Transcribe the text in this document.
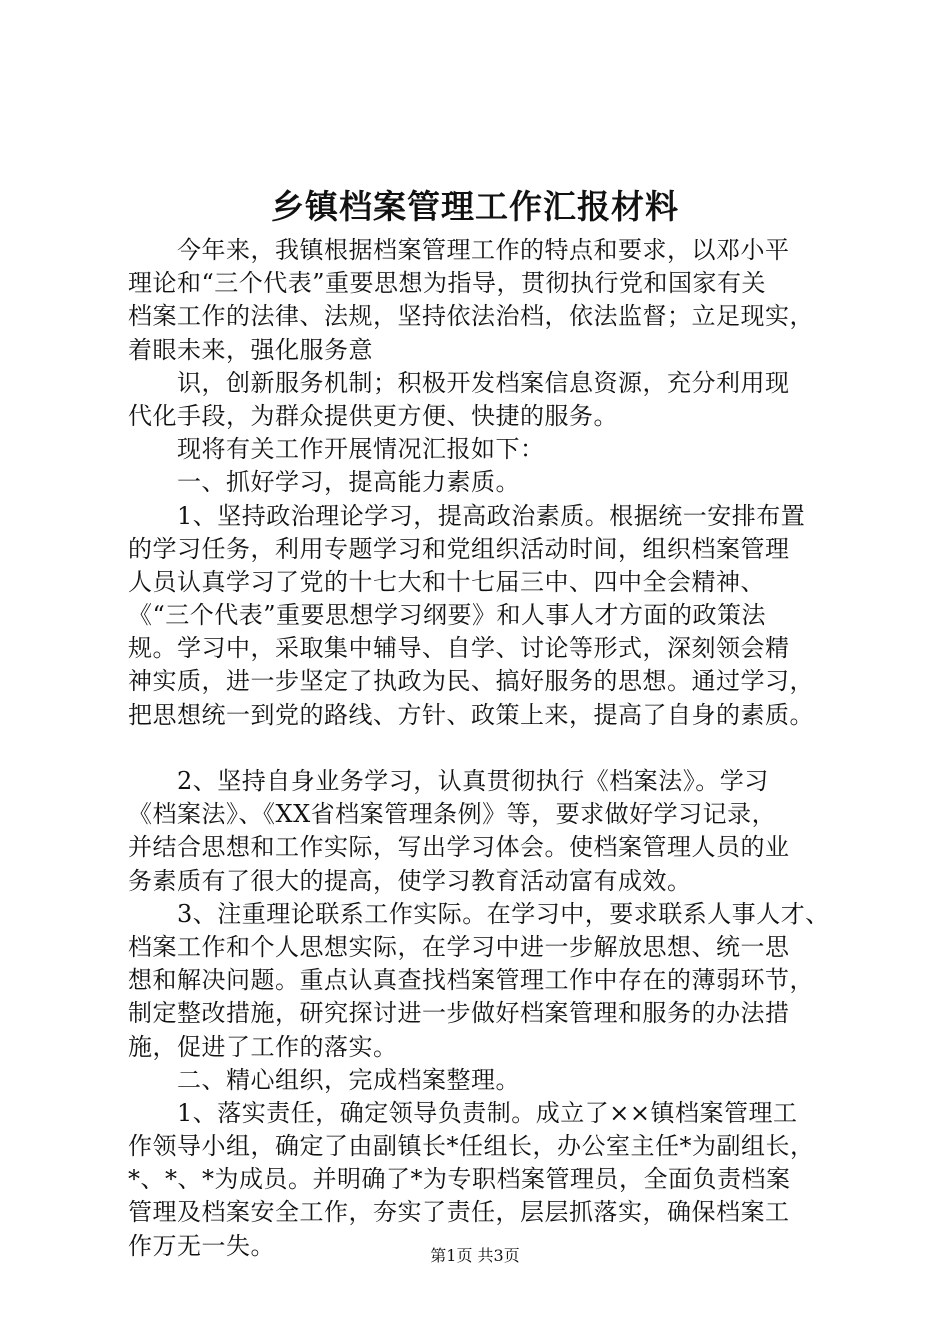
乡镇档案管理工作汇报材料
　　今年来，我镇根据档案管理工作的特点和要求，以邓小平
理论和“三个代表”重要思想为指导，贯彻执行党和国家有关
档案工作的法律、法规，坚持依法治档，依法监督；立足现实，
着眼未来，强化服务意
　　识，创新服务机制；积极开发档案信息资源，充分利用现
代化手段，为群众提供更方便、快捷的服务。
　　现将有关工作开展情况汇报如下：
　　一、抓好学习，提高能力素质。
　　1、坚持政治理论学习，提高政治素质。根据统一安排布置
的学习任务，利用专题学习和党组织活动时间，组织档案管理
人员认真学习了党的十七大和十七届三中、四中全会精神、
《“三个代表”重要思想学习纲要》和人事人才方面的政策法
规。学习中，采取集中辅导、自学、讨论等形式，深刻领会精
神实质，进一步坚定了执政为民、搞好服务的思想。通过学习，
把思想统一到党的路线、方针、政策上来，提高了自身的素质。
　　2、坚持自身业务学习，认真贯彻执行《档案法》。学习
《档案法》、《XX省档案管理条例》等，要求做好学习记录，
并结合思想和工作实际，写出学习体会。使档案管理人员的业
务素质有了很大的提高，使学习教育活动富有成效。
　　3、注重理论联系工作实际。在学习中，要求联系人事人才、
档案工作和个人思想实际，在学习中进一步解放思想、统一思
想和解决问题。重点认真查找档案管理工作中存在的薄弱环节，
制定整改措施，研究探讨进一步做好档案管理和服务的办法措
施，促进了工作的落实。
　　二、精心组织，完成档案整理。
　　1、落实责任，确定领导负责制。成立了××镇档案管理工
作领导小组，确定了由副镇长*任组长，办公室主任*为副组长，
*、*、*为成员。并明确了*为专职档案管理员，全面负责档案
管理及档案安全工作，夯实了责任，层层抓落实，确保档案工
作万无一失。	第1页 共3页
